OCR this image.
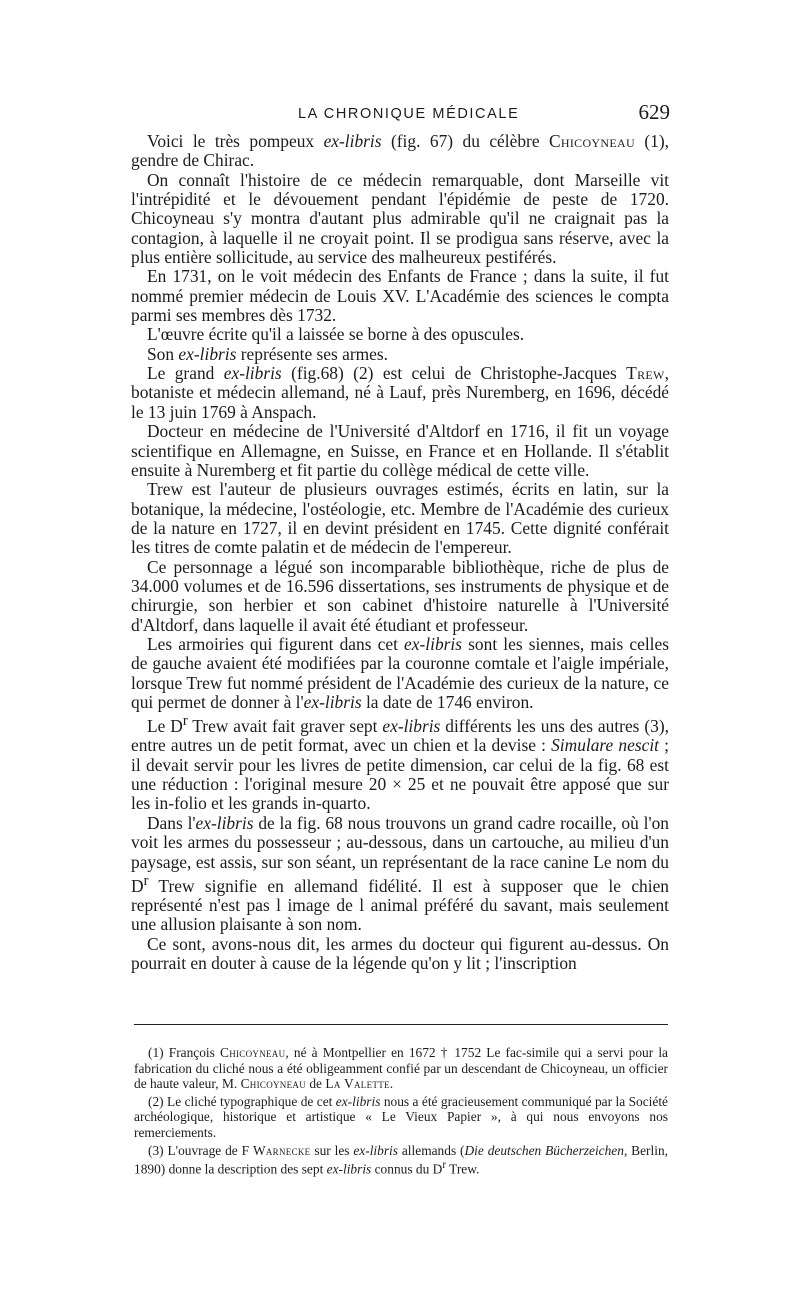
LA CHRONIQUE MÉDICALE	629

Voici le très pompeux ex-libris (fig. 67) du célèbre Chicoyneau (1), gendre de Chirac.

On connaît l'histoire de ce médecin remarquable, dont Marseille vit l'intrépidité et le dévouement pendant l'épidémie de peste de 1720. Chicoyneau s'y montra d'autant plus admirable qu'il ne craignait pas la contagion, à laquelle il ne croyait point. Il se prodigua sans réserve, avec la plus entière sollicitude, au service des malheureux pestiférés.

En 1731, on le voit médecin des Enfants de France ; dans la suite, il fut nommé premier médecin de Louis XV. L'Académie des sciences le compta parmi ses membres dès 1732.

L'œuvre écrite qu'il a laissée se borne à des opuscules.

Son ex-libris représente ses armes.

Le grand ex-libris (fig.68) (2) est celui de Christophe-Jacques Trew, botaniste et médecin allemand, né à Lauf, près Nuremberg, en 1696, décédé le 13 juin 1769 à Anspach.

Docteur en médecine de l'Université d'Altdorf en 1716, il fit un voyage scientifique en Allemagne, en Suisse, en France et en Hollande. Il s'établit ensuite à Nuremberg et fit partie du collège médical de cette ville.

Trew est l'auteur de plusieurs ouvrages estimés, écrits en latin, sur la botanique, la médecine, l'ostéologie, etc. Membre de l'Académie des curieux de la nature en 1727, il en devint président en 1745. Cette dignité conférait les titres de comte palatin et de médecin de l'empereur.

Ce personnage a légué son incomparable bibliothèque, riche de plus de 34.000 volumes et de 16.596 dissertations, ses instruments de physique et de chirurgie, son herbier et son cabinet d'histoire naturelle à l'Université d'Altdorf, dans laquelle il avait été étudiant et professeur.

Les armoiries qui figurent dans cet ex-libris sont les siennes, mais celles de gauche avaient été modifiées par la couronne comtale et l'aigle impériale, lorsque Trew fut nommé président de l'Académie des curieux de la nature, ce qui permet de donner à l'ex-libris la date de 1746 environ.

Le $D^r$ Trew avait fait graver sept ex-libris différents les uns des autres (3), entre autres un de petit format, avec un chien et la devise : Simulare nescit ; il devait servir pour les livres de petite dimension, car celui de la fig. 68 est une réduction : l'original mesure 20 × 25 et ne pouvait être apposé que sur les in-folio et les grands in-quarto.

Dans l'ex-libris de la fig. 68 nous trouvons un grand cadre rocaille, où l'on voit les armes du possesseur ; au-dessous, dans un cartouche, au milieu d'un paysage, est assis, sur son séant, un représentant de la race canine Le nom du $D^r$ Trew signifie en allemand fidélité. Il est à supposer que le chien représenté n'est pas l image de l animal préféré du savant, mais seulement une allusion plaisante à son nom.

Ce sont, avons-nous dit, les armes du docteur qui figurent au-dessus. On pourrait en douter à cause de la légende qu'on y lit ; l'inscription

(1) François Chicoyneau, né à Montpellier en 1672 † 1752 Le fac-simile qui a servi pour la fabrication du cliché nous a été obligeamment confié par un descendant de Chicoyneau, un officier de haute valeur, M. Chicoyneau de La Valette.

(2) Le cliché typographique de cet ex-libris nous a été gracieusement communiqué par la Société archéologique, historique et artistique « Le Vieux Papier », à qui nous envoyons nos remerciements.

(3) L'ouvrage de F Warnecke sur les ex-libris allemands (Die deutschen Bücherzeichen, Berlin, 1890) donne la description des sept ex-libris connus du $D^r$ Trew.
